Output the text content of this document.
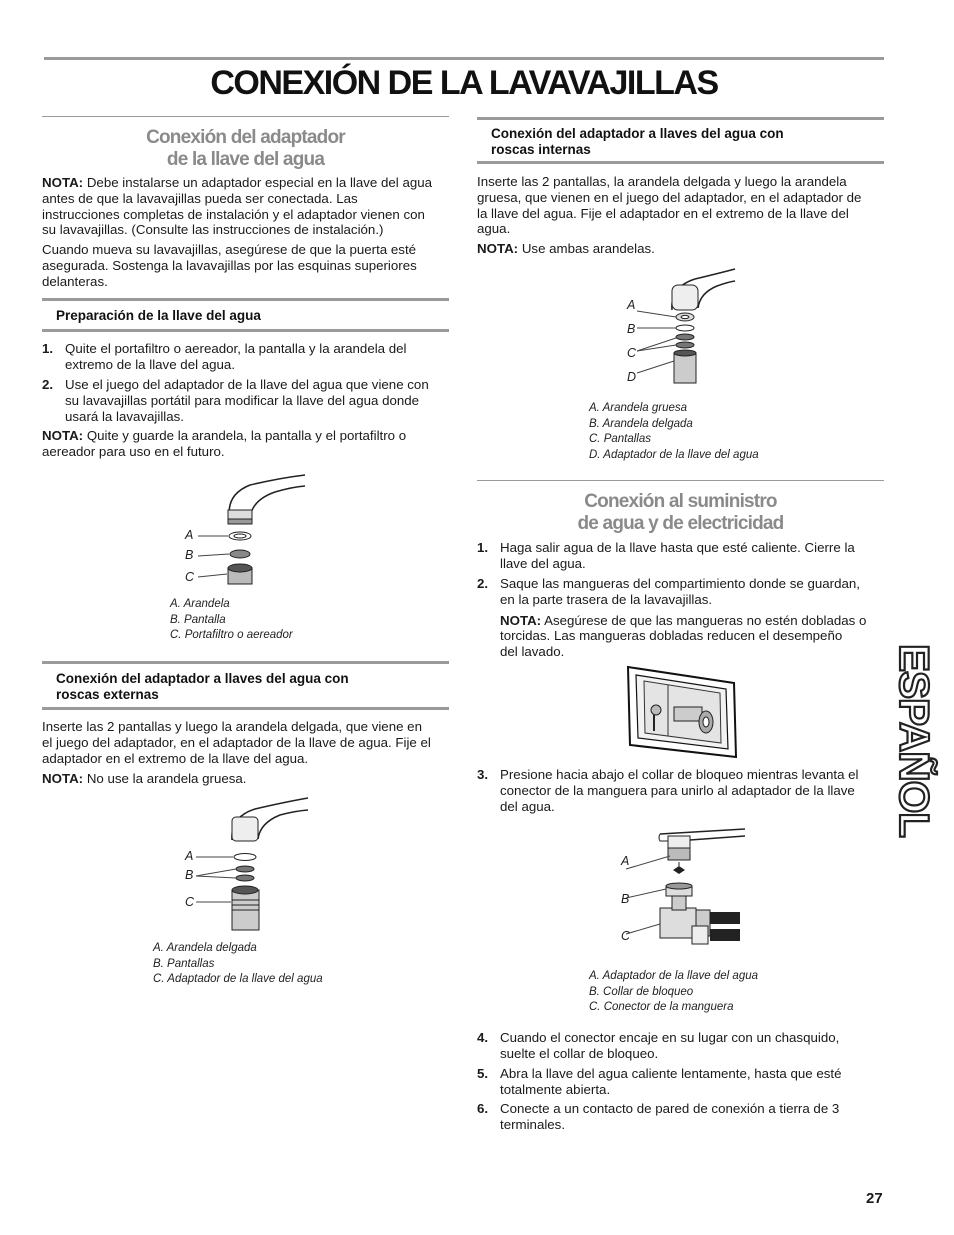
CONEXIÓN DE LA LAVAVAJILLAS
Conexión del adaptador
de la llave del agua
NOTA: Debe instalarse un adaptador especial en la llave del agua
antes de que la lavavajillas pueda ser conectada. Las
instrucciones completas de instalación y el adaptador vienen con
su lavavajillas. (Consulte las instrucciones de instalación.)
Cuando mueva su lavavajillas, asegúrese de que la puerta esté
asegurada. Sostenga la lavavajillas por las esquinas superiores
delanteras.
Preparación de la llave del agua
1. Quite el portafiltro o aereador, la pantalla y la arandela del
extremo de la llave del agua.
2. Use el juego del adaptador de la llave del agua que viene con
su lavavajillas portátil para modificar la llave del agua donde
usará la lavavajillas.
NOTA: Quite y guarde la arandela, la pantalla y el portafiltro o
aereador para uso en el futuro.
A
B
C
A. Arandela
B. Pantalla
C. Portafiltro o aereador
Conexión del adaptador a llaves del agua con
roscas externas
Inserte las 2 pantallas y luego la arandela delgada, que viene en
el juego del adaptador, en el adaptador de la llave de agua. Fije el
adaptador en el extremo de la llave del agua.
NOTA: No use la arandela gruesa.
A
B
C
A. Arandela delgada
B. Pantallas
C. Adaptador de la llave del agua
Conexión del adaptador a llaves del agua con
roscas internas
Inserte las 2 pantallas, la arandela delgada y luego la arandela
gruesa, que vienen en el juego del adaptador, en el adaptador de
la llave del agua. Fije el adaptador en el extremo de la llave del
agua.
NOTA: Use ambas arandelas.
A
B
C
D
A. Arandela gruesa
B. Arandela delgada
C. Pantallas
D. Adaptador de la llave del agua
Conexión al suministro
de agua y de electricidad
1. Haga salir agua de la llave hasta que esté caliente. Cierre la
llave del agua.
2. Saque las mangueras del compartimiento donde se guardan,
en la parte trasera de la lavavajillas.
NOTA: Asegúrese de que las mangueras no estén dobladas o
torcidas. Las mangueras dobladas reducen el desempeño
del lavado.
3. Presione hacia abajo el collar de bloqueo mientras levanta el
conector de la manguera para unirlo al adaptador de la llave
del agua.
A
B
C
A. Adaptador de la llave del agua
B. Collar de bloqueo
C. Conector de la manguera
4. Cuando el conector encaje en su lugar con un chasquido,
suelte el collar de bloqueo.
5. Abra la llave del agua caliente lentamente, hasta que esté
totalmente abierta.
6. Conecte a un contacto de pared de conexión a tierra de 3
terminales.
ESPAÑOL
27
